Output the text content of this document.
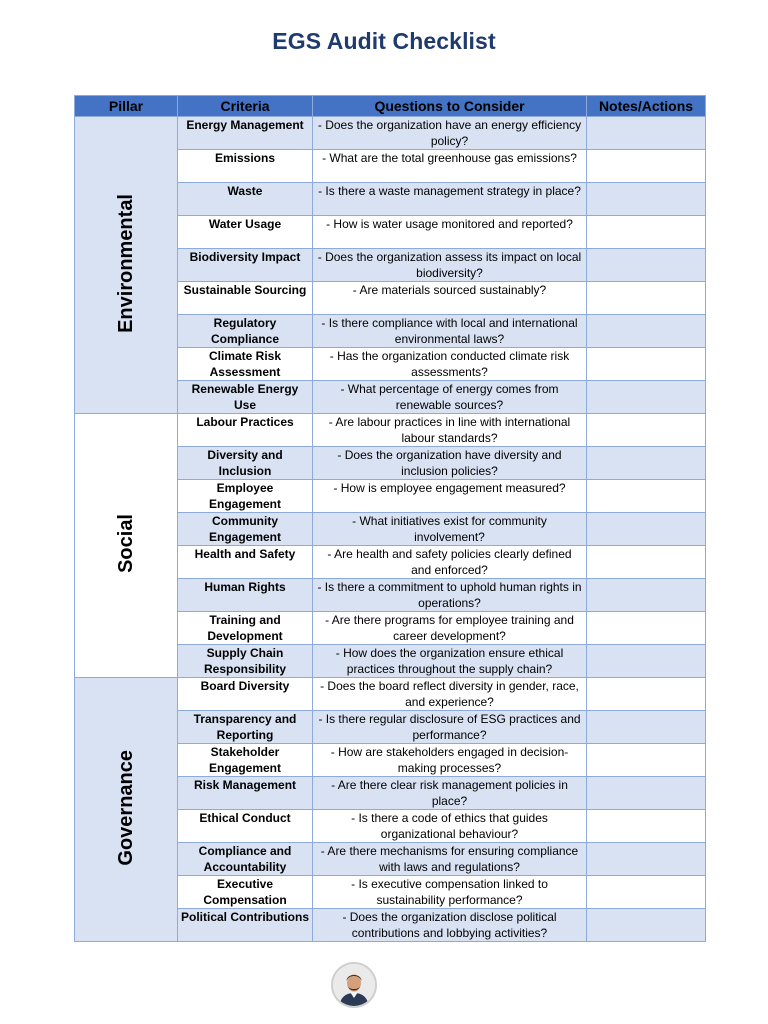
EGS Audit Checklist
Pillar	Criteria	Questions to Consider	Notes/Actions
Environmental	Energy Management	- Does the organization have an energy efficiency policy?	
	Emissions	- What are the total greenhouse gas emissions?	
	Waste	- Is there a waste management strategy in place?	
	Water Usage	- How is water usage monitored and reported?	
	Biodiversity Impact	- Does the organization assess its impact on local biodiversity?	
	Sustainable Sourcing	- Are materials sourced sustainably?	
	Regulatory Compliance	- Is there compliance with local and international environmental laws?	
	Climate Risk Assessment	- Has the organization conducted climate risk assessments?	
	Renewable Energy Use	- What percentage of energy comes from renewable sources?	
Social	Labour Practices	- Are labour practices in line with international labour standards?	
	Diversity and Inclusion	- Does the organization have diversity and inclusion policies?	
	Employee Engagement	- How is employee engagement measured?	
	Community Engagement	- What initiatives exist for community involvement?	
	Health and Safety	- Are health and safety policies clearly defined and enforced?	
	Human Rights	- Is there a commitment to uphold human rights in operations?	
	Training and Development	- Are there programs for employee training and career development?	
	Supply Chain Responsibility	- How does the organization ensure ethical practices throughout the supply chain?	
Governance	Board Diversity	- Does the board reflect diversity in gender, race, and experience?	
	Transparency and Reporting	- Is there regular disclosure of ESG practices and performance?	
	Stakeholder Engagement	- How are stakeholders engaged in decision-making processes?	
	Risk Management	- Are there clear risk management policies in place?	
	Ethical Conduct	- Is there a code of ethics that guides organizational behaviour?	
	Compliance and Accountability	- Are there mechanisms for ensuring compliance with laws and regulations?	
	Executive Compensation	- Is executive compensation linked to sustainability performance?	
	Political Contributions	- Does the organization disclose political contributions and lobbying activities?	
